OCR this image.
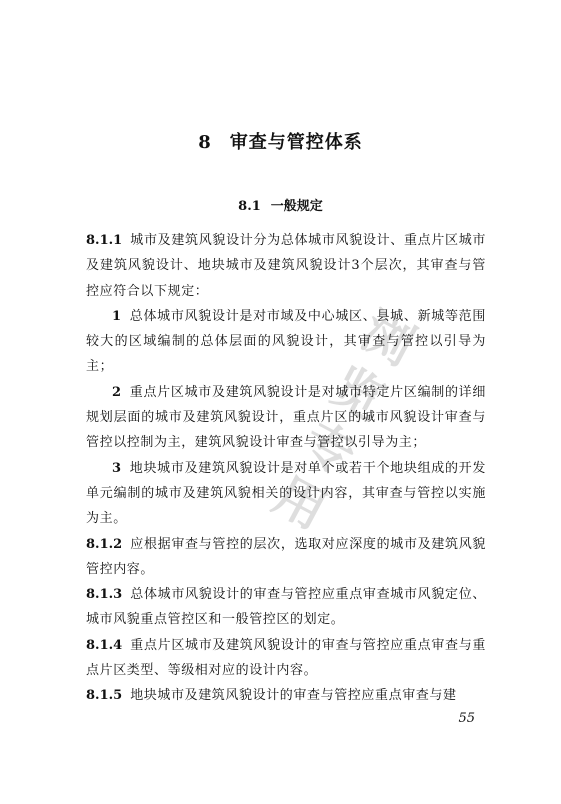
8 审查与管控体系
8.1 一般规定

8.1.1 城市及建筑风貌设计分为总体城市风貌设计、重点片区城市及建筑风貌设计、地块城市及建筑风貌设计3个层次，其审查与管控应符合以下规定：

1 总体城市风貌设计是对市域及中心城区、县城、新城等范围较大的区域编制的总体层面的风貌设计，其审查与管控以引导为主；

2 重点片区城市及建筑风貌设计是对城市特定片区编制的详细规划层面的城市及建筑风貌设计，重点片区的城市风貌设计审查与管控以控制为主，建筑风貌设计审查与管控以引导为主；

3 地块城市及建筑风貌设计是对单个或若干个地块组成的开发单元编制的城市及建筑风貌相关的设计内容，其审查与管控以实施为主。

8.1.2 应根据审查与管控的层次，选取对应深度的城市及建筑风貌管控内容。

8.1.3 总体城市风貌设计的审查与管控应重点审查城市风貌定位、城市风貌重点管控区和一般管控区的划定。

8.1.4 重点片区城市及建筑风貌设计的审查与管控应重点审查与重点片区类型、等级相对应的设计内容。

8.1.5 地块城市及建筑风貌设计的审查与管控应重点审查与建

浏览专用
55
